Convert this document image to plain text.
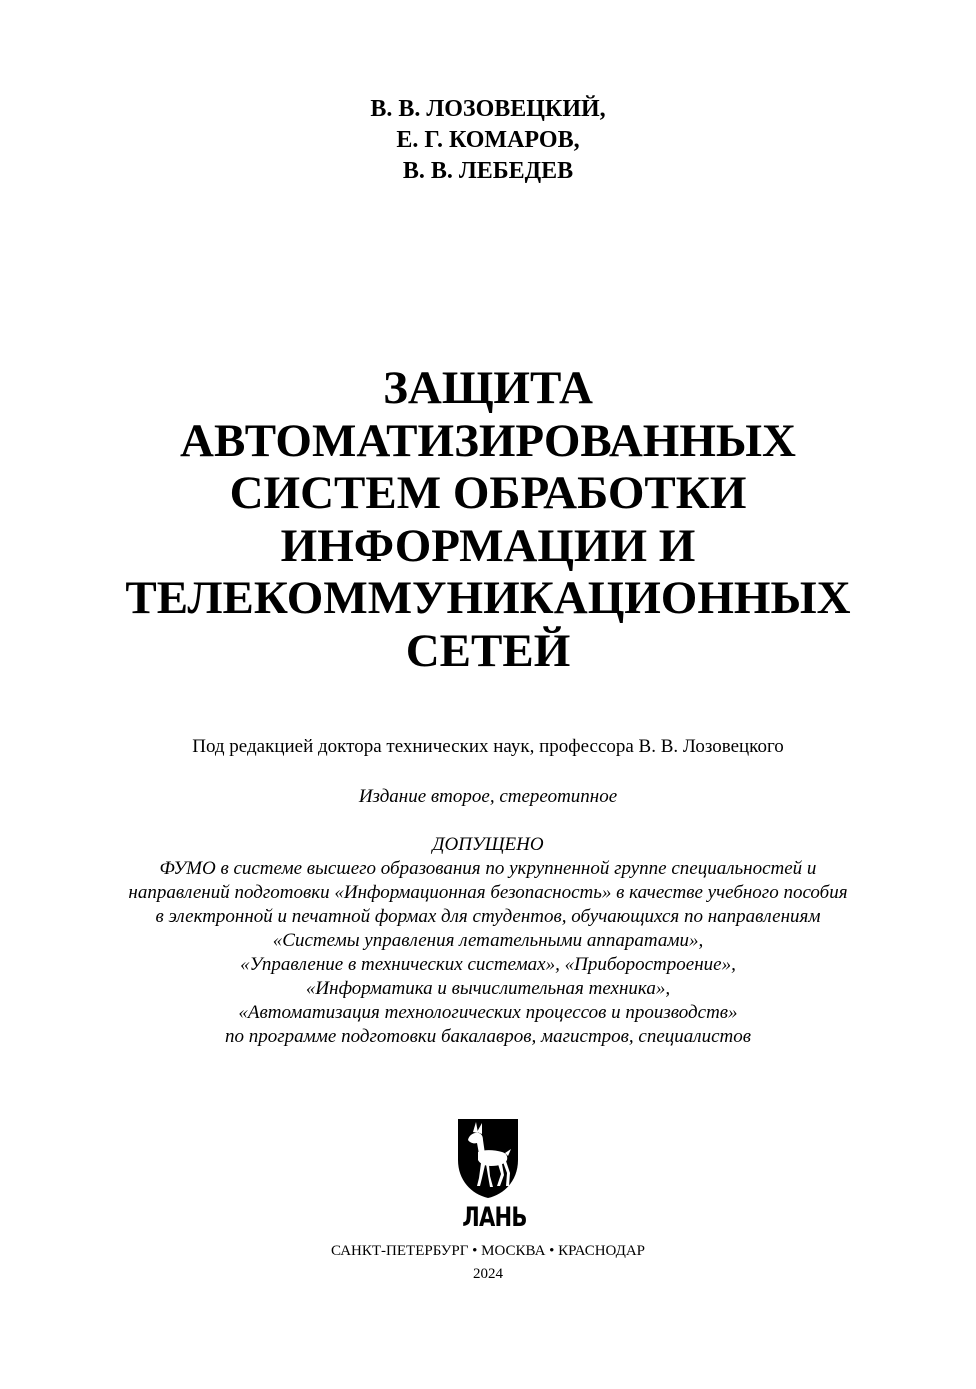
В. В. ЛОЗОВЕЦКИЙ,
Е. Г. КОМАРОВ,
В. В. ЛЕБЕДЕВ
ЗАЩИТА
АВТОМАТИЗИРОВАННЫХ
СИСТЕМ ОБРАБОТКИ
ИНФОРМАЦИИ И
ТЕЛЕКОММУНИКАЦИОННЫХ
СЕТЕЙ
Под редакцией доктора технических наук, профессора В. В. Лозовецкого
Издание второе, стереотипное
ДОПУЩЕНО
ФУМО в системе высшего образования по укрупненной группе специальностей и
направлений подготовки «Информационная безопасность» в качестве учебного пособия
в электронной и печатной формах для студентов, обучающихся по направлениям
«Системы управления летательными аппаратами»,
«Управление в технических системах», «Приборостроение»,
«Информатика и вычислительная техника»,
«Автоматизация технологических процессов и производств»
по программе подготовки бакалавров, магистров, специалистов
ЛАНЬ
САНКТ-ПЕТЕРБУРГ • МОСКВА • КРАСНОДАР
2024
